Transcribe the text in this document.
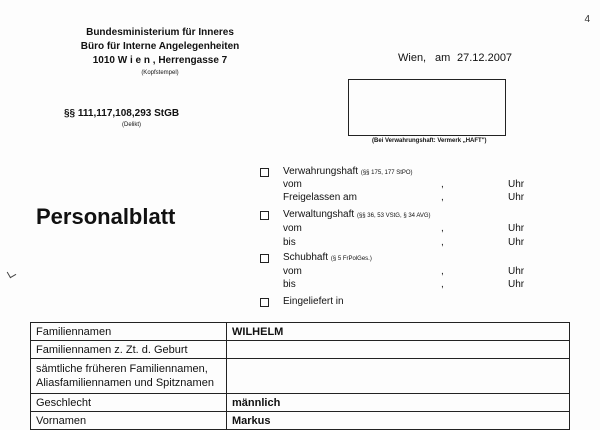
Bundesministerium für Inneres
Büro für Interne Angelegenheiten
1010 W i e n , Herrengasse 7
(Kopfstempel)
Wien, am 27.12.2007
4
(Bei Verwahrungshaft: Vermerk „HAFT")
§§ 111,117,108,293 StGB
(Delikt)
Personalblatt
Verwahrungshaft (§§ 175, 177 StPO)
vom	,	Uhr
Freigelassen am	,	Uhr
Verwaltungshaft (§§ 36, 53 VStG, § 34 AVG)
vom	,	Uhr
bis	,	Uhr
Schubhaft (§ 5 FrPolGes.)
vom	,	Uhr
bis	,	Uhr
Eingeliefert in
Familiennamen	WILHELM
Familiennamen z. Zt. d. Geburt	

sämtliche früheren Familiennamen,
Aliasfamiliennamen und Spitznamen	

Geschlecht	männlich
Vornamen	Markus
